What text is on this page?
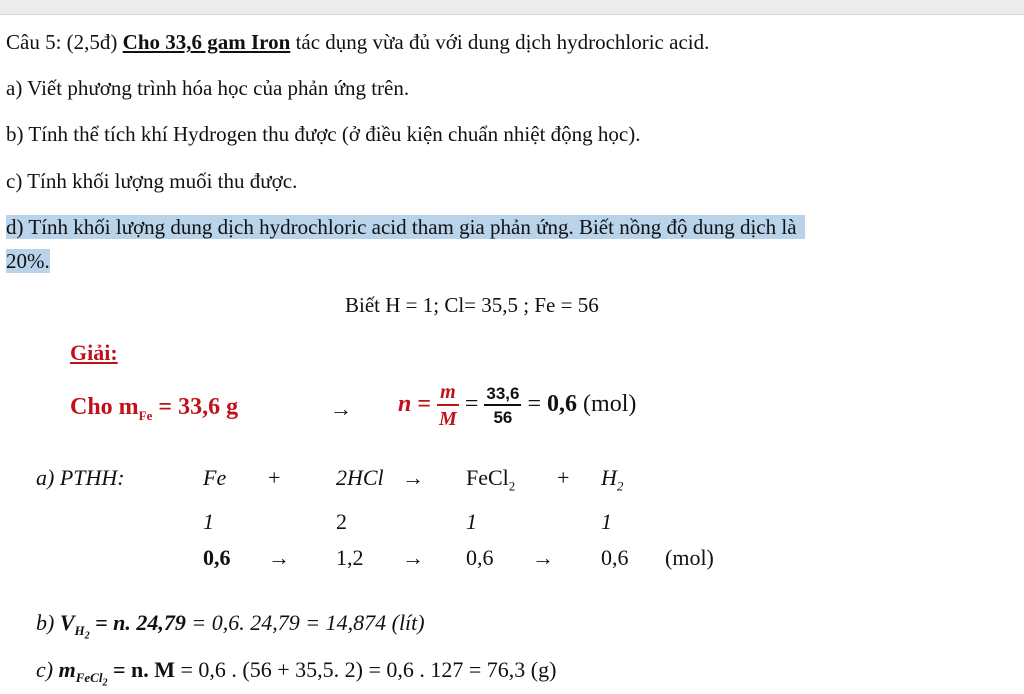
Câu 5: (2,5đ) Cho 33,6 gam Iron tác dụng vừa đủ với dung dịch hydrochloric acid.
a) Viết phương trình hóa học của phản ứng trên.
b) Tính thể tích khí Hydrogen thu được (ở điều kiện chuẩn nhiệt động học).
c) Tính khối lượng muối thu được.
d) Tính khối lượng dung dịch hydrochloric acid tham gia phản ứng. Biết nồng độ dung dịch là
20%.
Biết H = 1; Cl= 35,5 ; Fe = 56
Giải:
Cho $m_{Fe} = 33,6$ g	→ $n = \frac{m}{M} = \frac{33,6}{56} = 0,6$ (mol)
a) PTHH:	Fe +	2HCl → FeCl$_2$ + $H_2$
1	2	1	1
0,6 → 1,2 → 0,6 → 0,6 (mol)
b) $V_{H_2} = n$. 24,79 = 0,6. 24,79 = 14,874 (lít)
c) $m_{FeCl_2} = n$. M = 0,6 . (56 + 35,5. 2) = 0,6 . 127 = 76,3 (g)
